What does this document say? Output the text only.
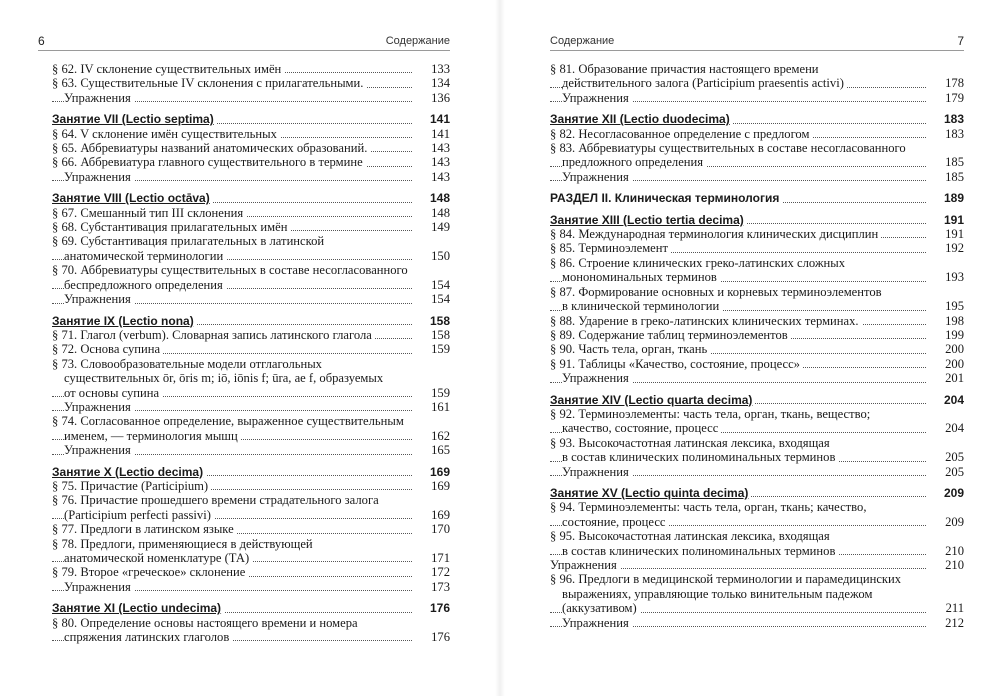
6	Содержание
§ 62. IV склонение существительных имён	133
§ 63. Существительные IV склонения с прилагательными.	134
Упражнения	136
Занятие VII (Lectio septima)	141
§ 64. V склонение имён существительных	141
§ 65. Аббревиатуры названий анатомических образований.	143
§ 66. Аббревиатура главного существительного в термине	143
Упражнения	143
Занятие VIII (Lectio octāva)	148
§ 67. Смешанный тип III склонения	148
§ 68. Субстантивация прилагательных имён	149
§ 69. Субстантивация прилагательных в латинской
анатомической терминологии	150
§ 70. Аббревиатуры существительных в составе несогласованного
беспредложного определения	154
Упражнения	154
Занятие IX (Lectio nona)	158
§ 71. Глагол (verbum). Словарная запись латинского глагола	158
§ 72. Основа супина	159
§ 73. Словообразовательные модели отглагольных
существительных ōr, ōris m; iō, iōnis f; ūra, ae f, образуемых
от основы супина	159
Упражнения	161
§ 74. Согласованное определение, выраженное существительным
именем, — терминология мышц	162
Упражнения	165
Занятие X (Lectio decima)	169
§ 75. Причастие (Participium)	169
§ 76. Причастие прошедшего времени страдательного залога
(Participium perfecti passivi)	169
§ 77. Предлоги в латинском языке	170
§ 78. Предлоги, применяющиеся в действующей
анатомической номенклатуре (ТА)	171
§ 79. Второе «греческое» склонение	172
Упражнения	173
Занятие XI (Lectio undecima)	176
§ 80. Определение основы настоящего времени и номера
спряжения латинских глаголов	176
Содержание	7
§ 81. Образование причастия настоящего времени
действительного залога (Participium praesentis activi)	178
Упражнения	179
Занятие XII (Lectio duodecima)	183
§ 82. Несогласованное определение с предлогом	183
§ 83. Аббревиатуры существительных в составе несогласованного
предложного определения	185
Упражнения	185
РАЗДЕЛ II. Клиническая терминология	189
Занятие XIII (Lectio tertia decima)	191
§ 84. Международная терминология клинических дисциплин	191
§ 85. Терминоэлемент	192
§ 86. Строение клинических греко-латинских сложных
монономинальных терминов	193
§ 87. Формирование основных и корневых терминоэлементов
в клинической терминологии	195
§ 88. Ударение в греко-латинских клинических терминах.	198
§ 89. Содержание таблиц терминоэлементов	199
§ 90. Часть тела, орган, ткань	200
§ 91. Таблицы «Качество, состояние, процесс»	200
Упражнения	201
Занятие XIV (Lectio quarta decima)	204
§ 92. Терминоэлементы: часть тела, орган, ткань, вещество;
качество, состояние, процесс	204
§ 93. Высокочастотная латинская лексика, входящая
в состав клинических полиноминальных терминов	205
Упражнения	205
Занятие XV (Lectio quinta decima)	209
§ 94. Терминоэлементы: часть тела, орган, ткань; качество,
состояние, процесс	209
§ 95. Высокочастотная латинская лексика, входящая
в состав клинических полиноминальных терминов	210
Упражнения	210
§ 96. Предлоги в медицинской терминологии и парамедицинских
выражениях, управляющие только винительным падежом
(аккузативом)	211
Упражнения	212
